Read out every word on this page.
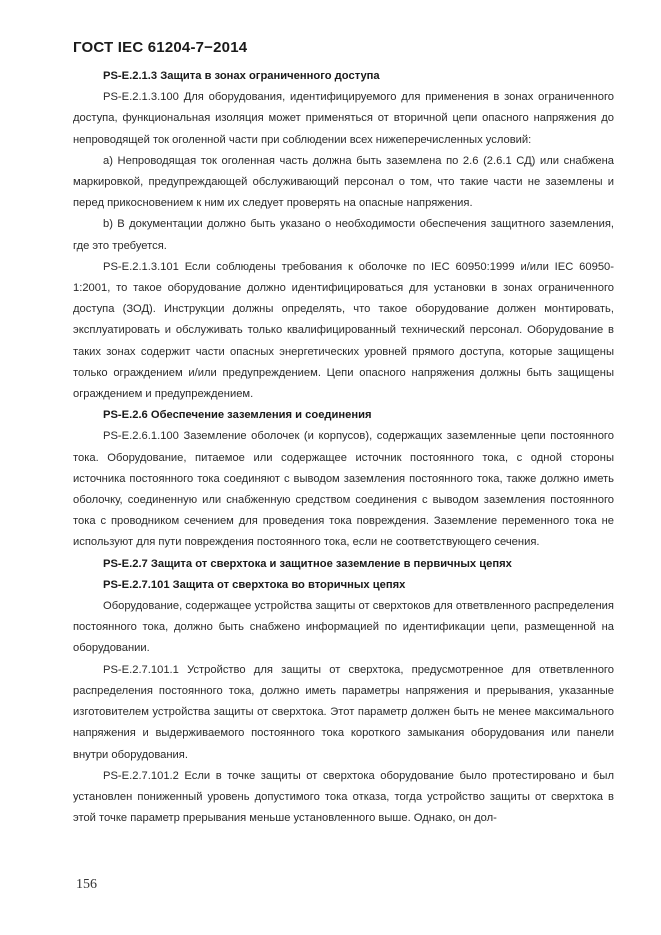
ГОСТ IEC 61204-7−2014

PS-E.2.1.3 Защита в зонах ограниченного доступа

PS-E.2.1.3.100 Для оборудования, идентифицируемого для применения в зонах ограниченного доступа, функциональная изоляция может применяться от вторичной цепи опасного напряжения до непроводящей ток оголенной части при соблюдении всех нижеперечисленных условий:

a) Непроводящая ток оголенная часть должна быть заземлена по 2.6 (2.6.1 СД) или снабжена маркировкой, предупреждающей обслуживающий персонал о том, что такие части не заземлены и перед прикосновением к ним их следует проверять на опасные напряжения.

b) В документации должно быть указано о необходимости обеспечения защитного заземления, где это требуется.

PS-E.2.1.3.101 Если соблюдены требования к оболочке по IEC 60950:1999 и/или IEC 60950-1:2001, то такое оборудование должно идентифицироваться для установки в зонах ограниченного доступа (ЗОД). Инструкции должны определять, что такое оборудование должен монтировать, эксплуатировать и обслуживать только квалифицированный технический персонал. Оборудование в таких зонах содержит части опасных энергетических уровней прямого доступа, которые защищены только ограждением и/или предупреждением. Цепи опасного напряжения должны быть защищены ограждением и предупреждением.

PS-E.2.6 Обеспечение заземления и соединения

PS-E.2.6.1.100 Заземление оболочек (и корпусов), содержащих заземленные цепи постоянного тока. Оборудование, питаемое или содержащее источник постоянного тока, с одной стороны источника постоянного тока соединяют с выводом заземления постоянного тока, также должно иметь оболочку, соединенную или снабженную средством соединения с выводом заземления постоянного тока с проводником сечением для проведения тока повреждения. Заземление переменного тока не используют для пути повреждения постоянного тока, если не соответствующего сечения.

PS-E.2.7 Защита от сверхтока и защитное заземление в первичных цепях

PS-E.2.7.101 Защита от сверхтока во вторичных цепях

Оборудование, содержащее устройства защиты от сверхтоков для ответвленного распределения постоянного тока, должно быть снабжено информацией по идентификации цепи, размещенной на оборудовании.

PS-E.2.7.101.1 Устройство для защиты от сверхтока, предусмотренное для ответвленного распределения постоянного тока, должно иметь параметры напряжения и прерывания, указанные изготовителем устройства защиты от сверхтока. Этот параметр должен быть не менее максимального напряжения и выдерживаемого постоянного тока короткого замыкания оборудования или панели внутри оборудования.

PS-E.2.7.101.2 Если в точке защиты от сверхтока оборудование было протестировано и был установлен пониженный уровень допустимого тока отказа, тогда устройство защиты от сверхтока в этой точке параметр прерывания меньше установленного выше. Однако, он дол-

156
